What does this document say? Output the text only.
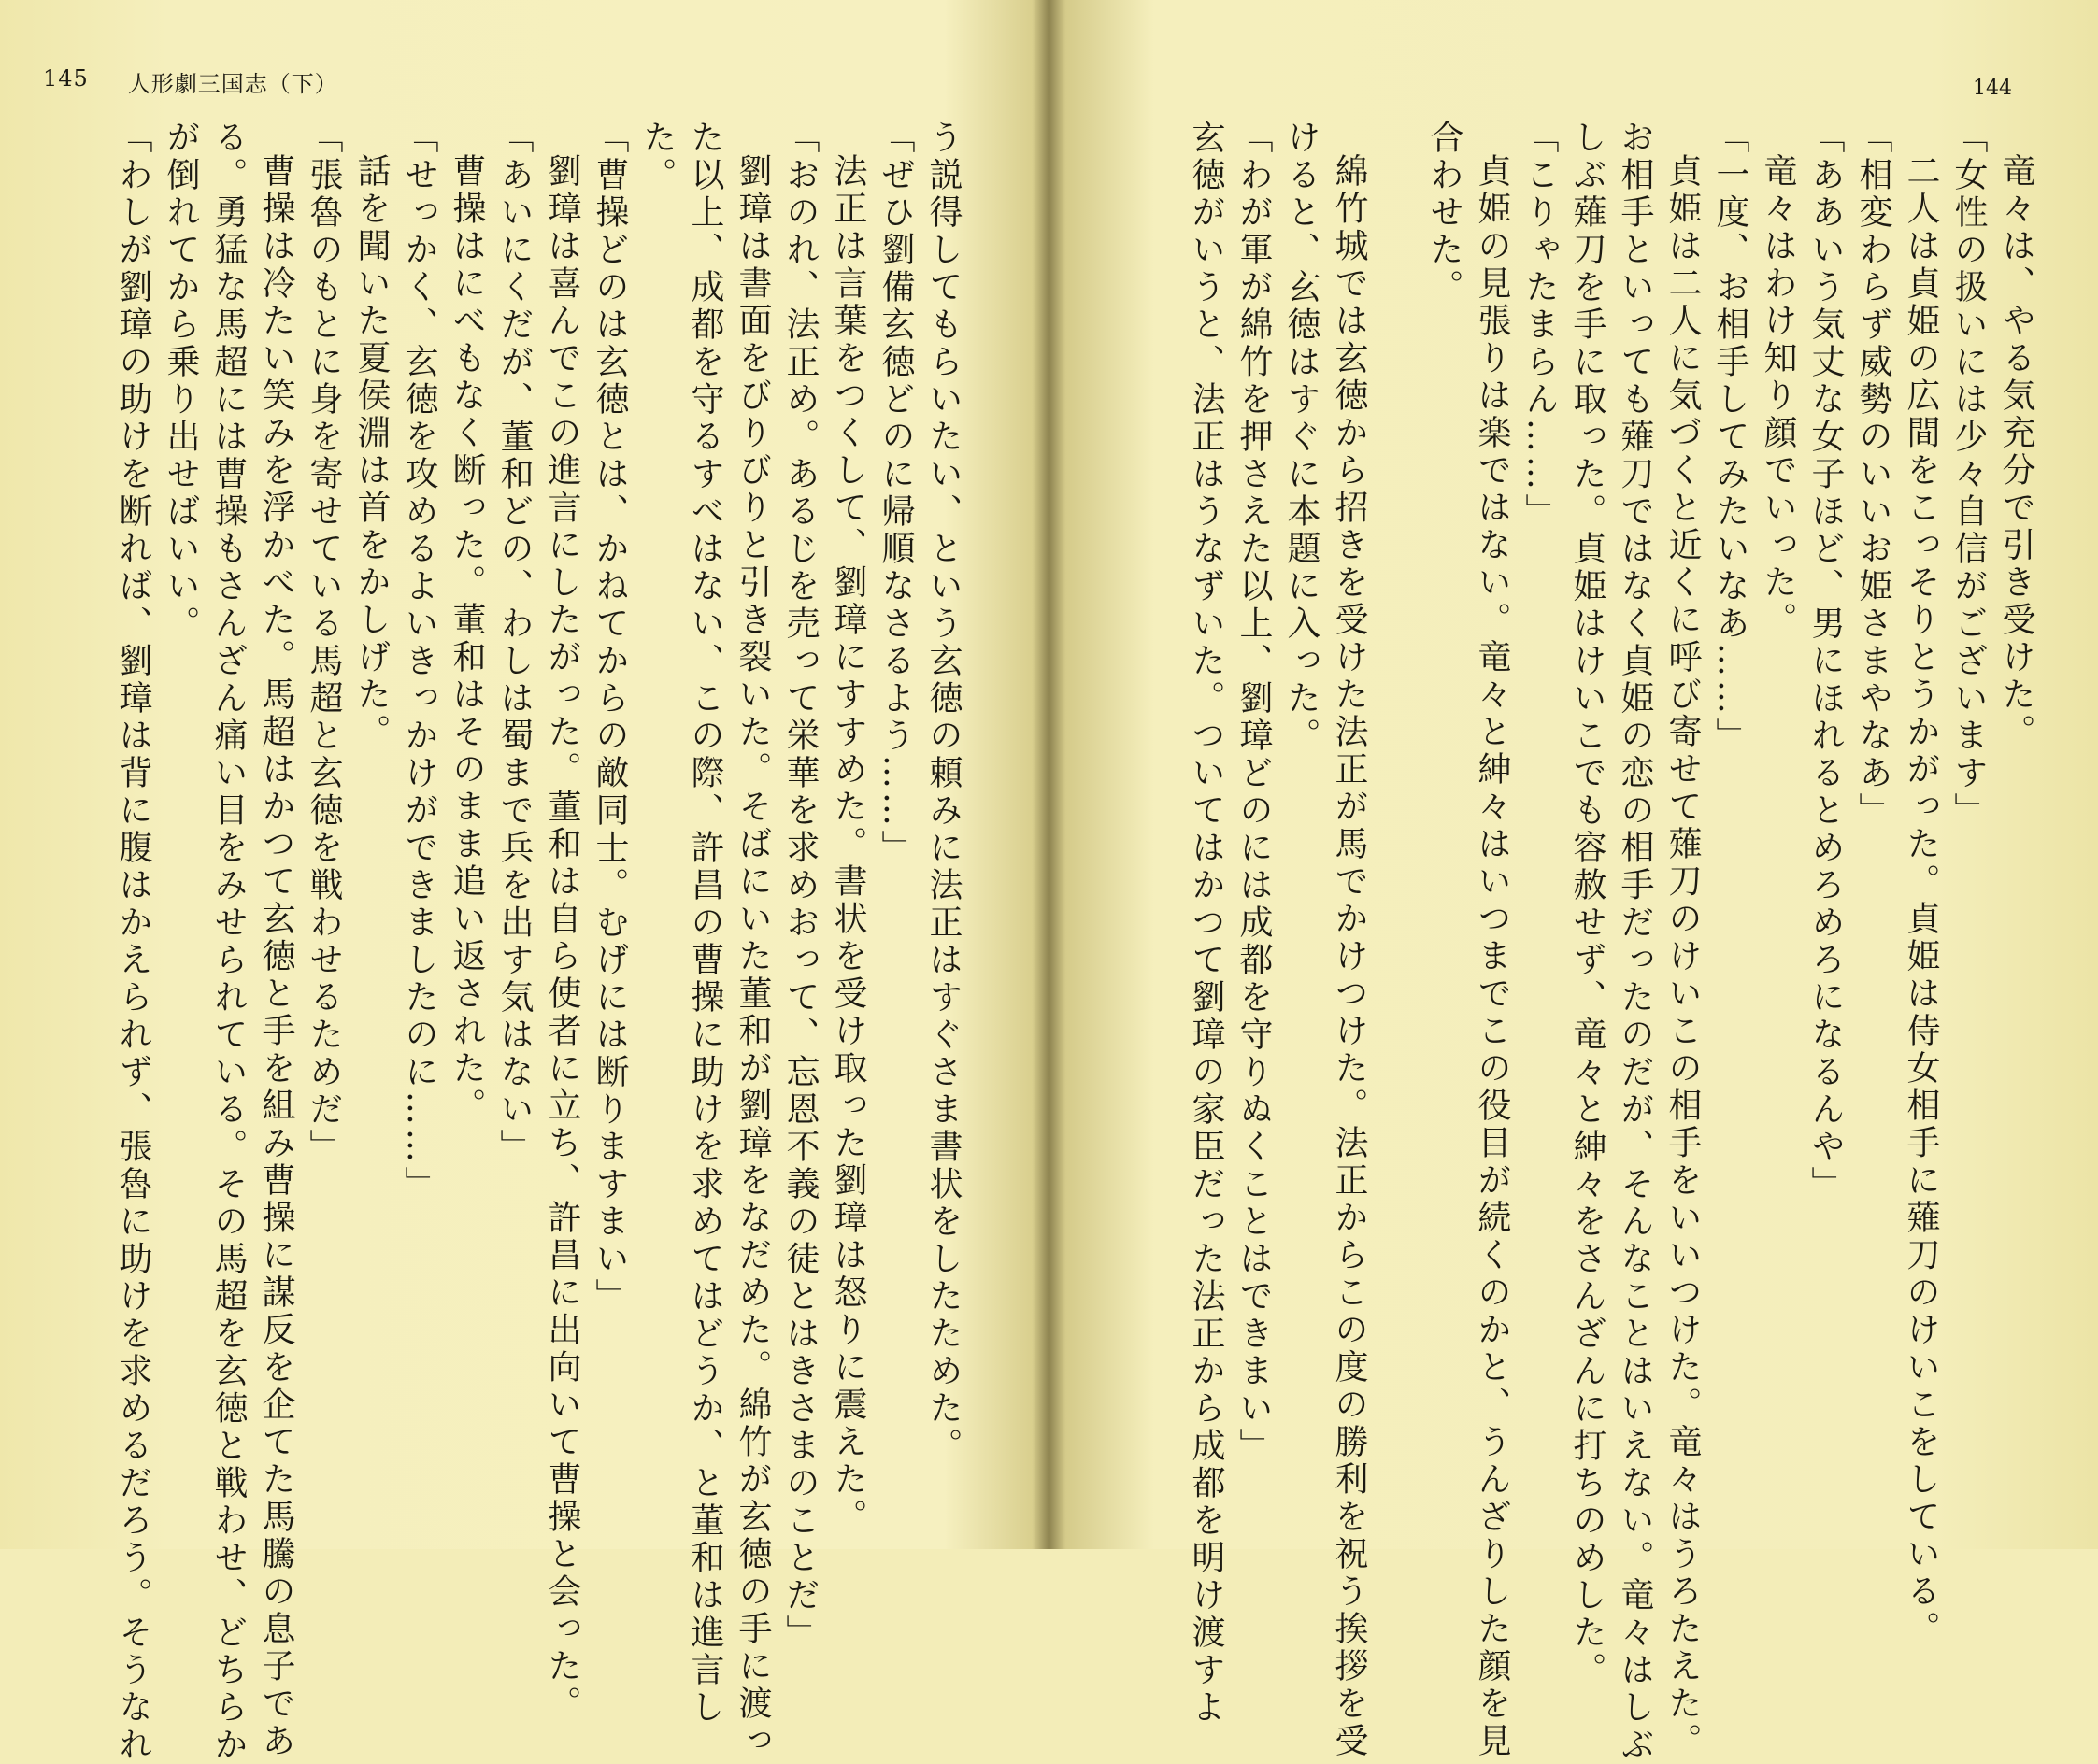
145 人形劇三国志（下）
う説得してもらいたい、という玄徳の頼みに法正はすぐさま書状をしたためた。
「ぜひ劉備玄徳どのに帰順なさるよう……」
法正は言葉をつくして、劉璋にすすめた。書状を受け取った劉璋は怒りに震えた。
「おのれ、法正め。あるじを売って栄華を求めおって、忘恩不義の徒とはきさまのことだ」
劉璋は書面をびりびりと引き裂いた。そばにいた董和が劉璋をなだめた。綿竹が玄徳の手に渡っ
た以上、成都を守るすべはない、この際、許昌の曹操に助けを求めてはどうか、と董和は進言し
た。
「曹操どのは玄徳とは、かねてからの敵同士。むげには断りますまい」
劉璋は喜んでこの進言にしたがった。董和は自ら使者に立ち、許昌に出向いて曹操と会った。
「あいにくだが、董和どの、わしは蜀まで兵を出す気はない」
曹操はにべもなく断った。董和はそのまま追い返された。
「せっかく、玄徳を攻めるよいきっかけができましたのに……」
話を聞いた夏侯淵は首をかしげた。
「張魯のもとに身を寄せている馬超と玄徳を戦わせるためだ」
曹操は冷たい笑みを浮かべた。馬超はかつて玄徳と手を組み曹操に謀反を企てた馬騰の息子であ
る。勇猛な馬超には曹操もさんざん痛い目をみせられている。その馬超を玄徳と戦わせ、どちらか
が倒れてから乗り出せばいい。
「わしが劉璋の助けを断れば、劉璋は背に腹はかえられず、張魯に助けを求めるだろう。そうなれ
144
竜々は、やる気充分で引き受けた。
「女性の扱いには少々自信がございます」
二人は貞姫の広間をこっそりとうかがった。貞姫は侍女相手に薙刀のけいこをしている。
「相変わらず威勢のいいお姫さまやなあ」
「ああいう気丈な女子ほど、男にほれるとめろめろになるんや」
竜々はわけ知り顔でいった。
「一度、お相手してみたいなあ……」
貞姫は二人に気づくと近くに呼び寄せて薙刀のけいこの相手をいいつけた。竜々はうろたえた。
お相手といっても薙刀ではなく貞姫の恋の相手だったのだが、そんなことはいえない。竜々はしぶ
しぶ薙刀を手に取った。貞姫はけいこでも容赦せず、竜々と紳々をさんざんに打ちのめした。
「こりゃたまらん……」
貞姫の見張りは楽ではない。竜々と紳々はいつまでこの役目が続くのかと、うんざりした顔を見
合わせた。
綿竹城では玄徳から招きを受けた法正が馬でかけつけた。法正からこの度の勝利を祝う挨拶を受
けると、玄徳はすぐに本題に入った。
「わが軍が綿竹を押さえた以上、劉璋どのには成都を守りぬくことはできまい」
玄徳がいうと、法正はうなずいた。ついてはかつて劉璋の家臣だった法正から成都を明け渡すよ
